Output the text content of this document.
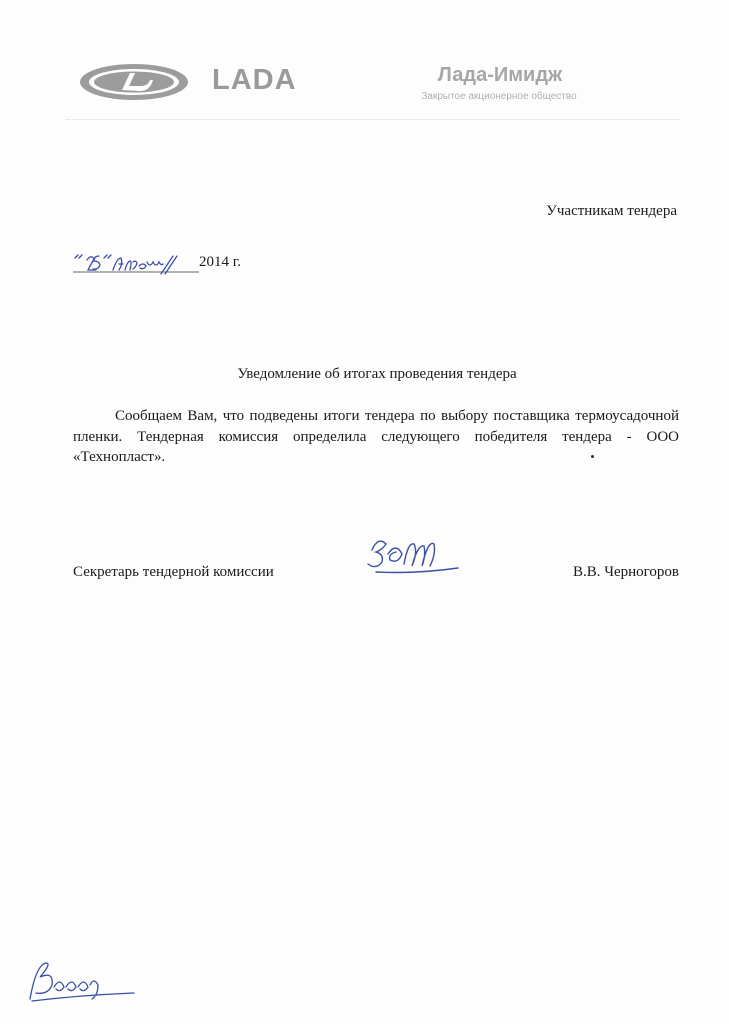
LADA	Лада-Имидж
Закрытое акционерное общество
Участникам тендера
2014 г.
Уведомление об итогах проведения тендера
Сообщаем Вам, что подведены итоги тендера по выбору поставщика термоусадочной пленки. Тендерная комиссия определила следующего победителя тендера - ООО «Технопласт».
Секретарь тендерной комиссии	В.В. Черногоров
